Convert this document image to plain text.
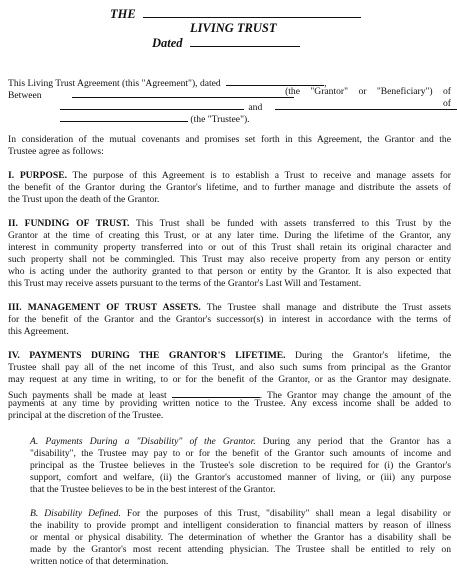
THE
LIVING TRUST
Dated
This Living Trust Agreement (this "Agreement"), dated	,
Between	(the "Grantor" or "Beneficiary") of
and	of
(the "Trustee").
In consideration of the mutual covenants and promises set forth in this Agreement, the Grantor and the
Trustee agree as follows:
I. PURPOSE. The purpose of this Agreement is to establish a Trust to receive and manage assets for
the benefit of the Grantor during the Grantor's lifetime, and to further manage and distribute the assets of
the Trust upon the death of the Grantor.
II. FUNDING OF TRUST. This Trust shall be funded with assets transferred to this Trust by the
Grantor at the time of creating this Trust, or at any later time. During the lifetime of the Grantor, any
interest in community property transferred into or out of this Trust shall retain its original character and
such property shall not be commingled. This Trust may also receive property from any person or entity
who is acting under the authority granted to that person or entity by the Grantor. It is also expected that
this Trust may receive assets pursuant to the terms of the Grantor's Last Will and Testament.
III. MANAGEMENT OF TRUST ASSETS. The Trustee shall manage and distribute the Trust assets
for the benefit of the Grantor and the Grantor's successor(s) in interest in accordance with the terms of
this Agreement.
IV. PAYMENTS DURING THE GRANTOR'S LIFETIME. During the Grantor's lifetime, the
Trustee shall pay all of the net income of this Trust, and also such sums from principal as the Grantor
may request at any time in writing, to or for the benefit of the Grantor, or as the Grantor may designate.
Such payments shall be made at least	. The Grantor may change the amount of the
payments at any time by providing written notice to the Trustee. Any excess income shall be added to
principal at the discretion of the Trustee.
A. Payments During a "Disability" of the Grantor. During any period that the Grantor has a
"disability", the Trustee may pay to or for the benefit of the Grantor such amounts of income and
principal as the Trustee believes in the Trustee's sole discretion to be required for (i) the Grantor's
support, comfort and welfare, (ii) the Grantor's accustomed manner of living, or (iii) any purpose
that the Trustee believes to be in the best interest of the Grantor.
B. Disability Defined. For the purposes of this Trust, "disability" shall mean a legal disability or
the inability to provide prompt and intelligent consideration to financial matters by reason of illness
or mental or physical disability. The determination of whether the Grantor has a disability shall be
made by the Grantor's most recent attending physician. The Trustee shall be entitled to rely on
written notice of that determination.
